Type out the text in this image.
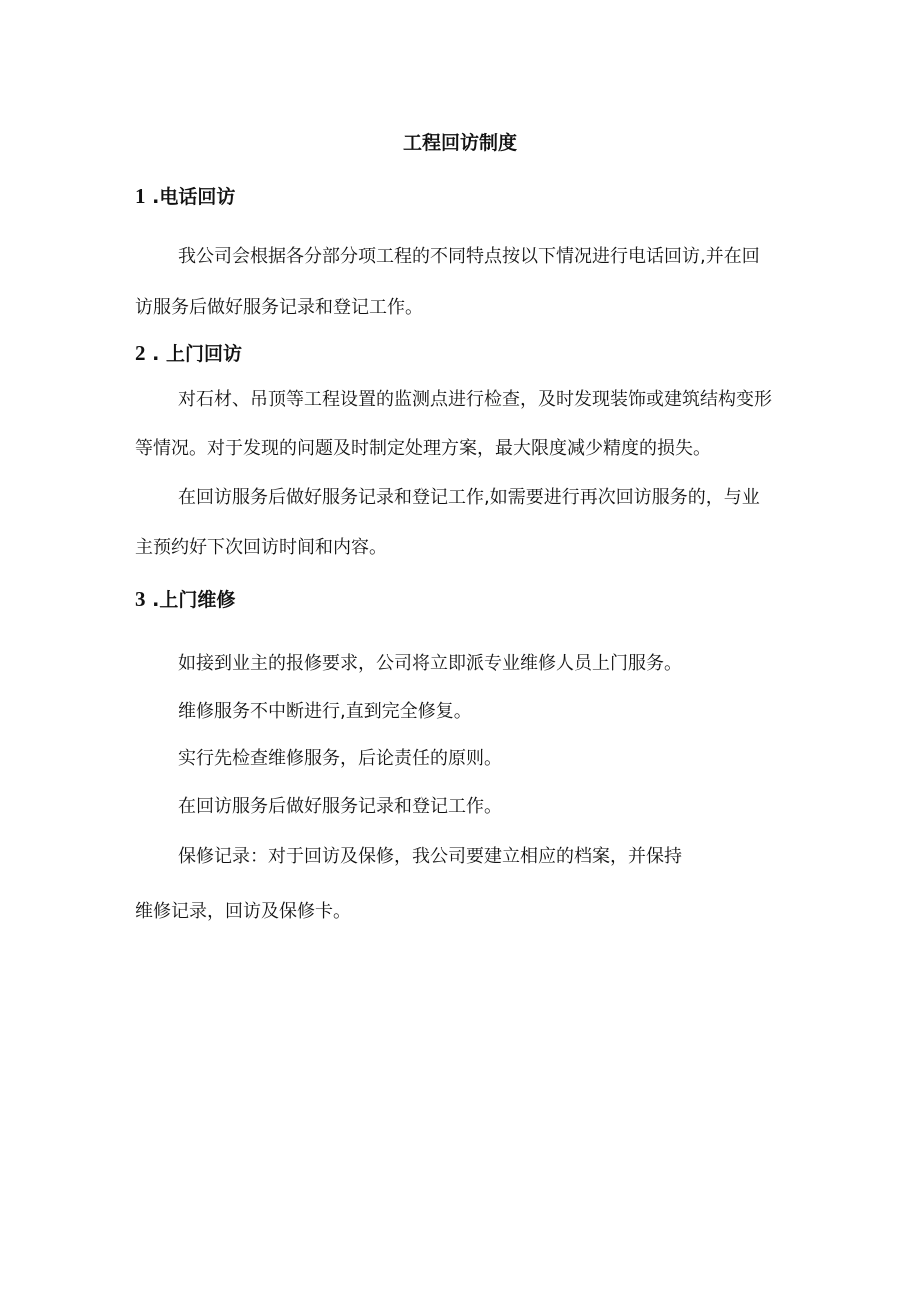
工程回访制度
1 .电话回访
我公司会根据各分部分项工程的不同特点按以下情况进行电话回访,并在回
访服务后做好服务记录和登记工作。
2 . 上门回访
对石材、吊顶等工程设置的监测点进行检查，及时发现装饰或建筑结构变形
等情况。对于发现的问题及时制定处理方案，最大限度减少精度的损失。
在回访服务后做好服务记录和登记工作,如需要进行再次回访服务的，与业
主预约好下次回访时间和内容。
3 .上门维修
如接到业主的报修要求，公司将立即派专业维修人员上门服务。
维修服务不中断进行,直到完全修复。
实行先检查维修服务，后论责任的原则。
在回访服务后做好服务记录和登记工作。
保修记录：对于回访及保修，我公司要建立相应的档案，并保持
维修记录，回访及保修卡。
